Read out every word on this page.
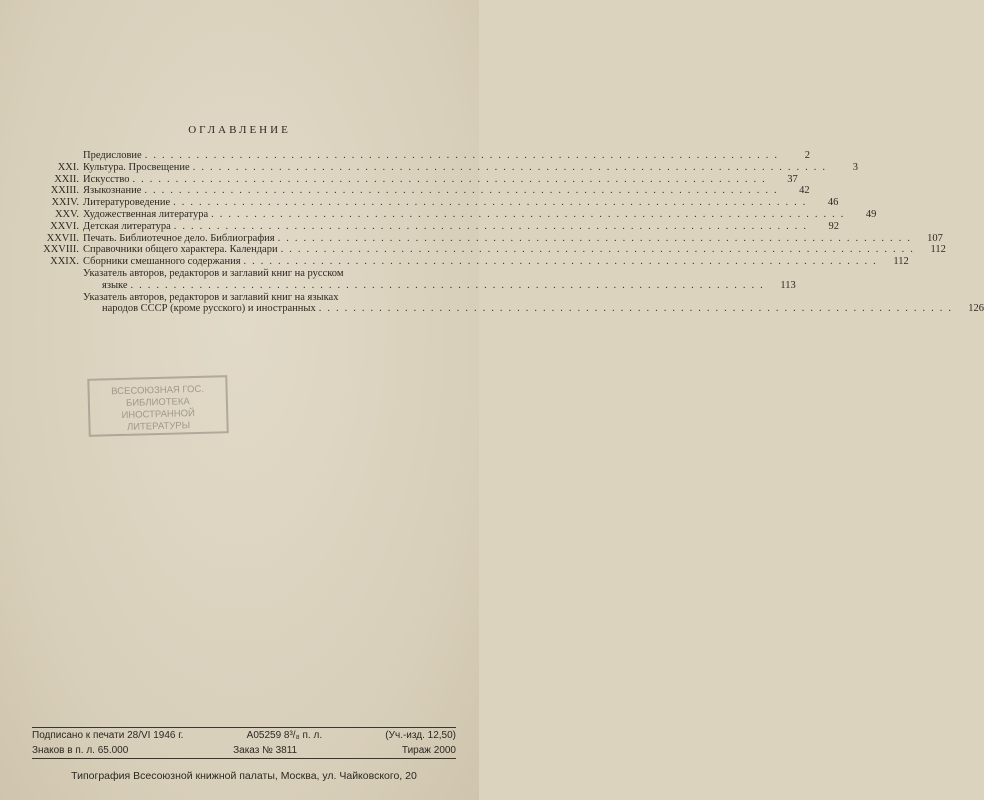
ОГЛАВЛЕНИЕ
Предисловие ..........................................................................	2
XXI. Культура. Просвещение ..........................................................................	3
XXII. Искусство ..........................................................................	37
XXIII. Языкознание ..........................................................................	42
XXIV. Литературоведение ..........................................................................	46
XXV. Художественная литература ..........................................................................	49
XXVI. Детская литература ..........................................................................	92
XXVII. Печать. Библиотечное дело. Библиография ..........................................................................	107
XXVIII. Справочники общего характера. Календари ..........................................................................	112
XXIX. Сборники смешанного содержания ..........................................................................	112
Указатель авторов, редакторов и заглавий книг на русском
языке ..........................................................................	113
Указатель авторов, редакторов и заглавий книг на языках
народов СССР (кроме русского) и иностранных ..........................................................................	126
ВСЕСОЮЗНАЯ ГОС. БИБЛИОТЕКА
ИНОСТРАННОЙ
ЛИТЕРАТУРЫ
Подписано к печати 28/VI 1946 г.	А05259 8³/₈ п. л.	(Уч.-изд. 12,50)
Знаков в п. л. 65.000	Заказ № 3811	Тираж 2000
Типография Всесоюзной книжной палаты, Москва, ул. Чайковского, 20
